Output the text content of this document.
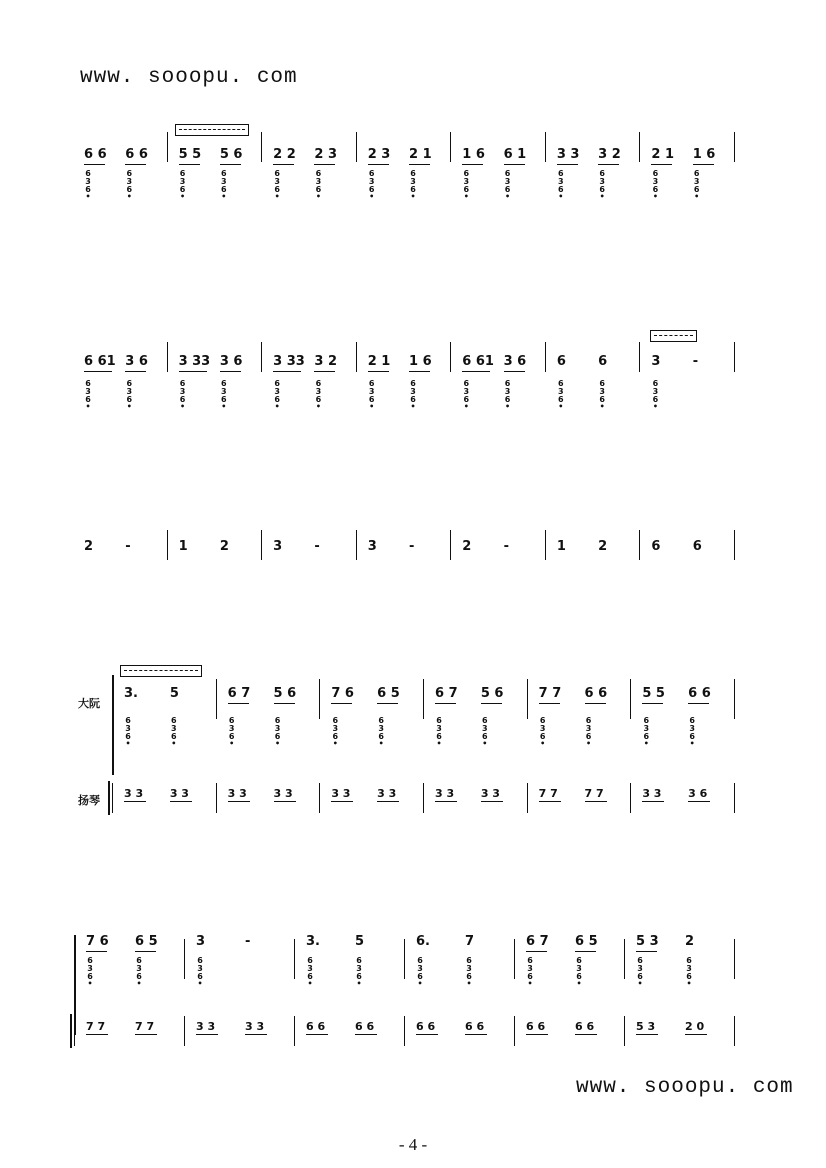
www. sooopu. com
6 6
6
3
6
•
6 6
6
3
6
•
5 5
6
3
6
•
5 6
6
3
6
•
2 2
6
3
6
•
2 3
6
3
6
•
2 3
6
3
6
•
2 1
6
3
6
•
1 6
6
3
6
•
6 1
6
3
6
•
3 3
6
3
6
•
3 2
6
3
6
•
2 1
6
3
6
•
1 6
6
3
6
•
6 61
6
3
6
•
3 6
6
3
6
•
3 33
6
3
6
•
3 6
6
3
6
•
3 33
6
3
6
•
3 2
6
3
6
•
2 1
6
3
6
•
1 6
6
3
6
•
6 61
6
3
6
•
3 6
6
3
6
•
6
6
3
6
•
6
6
3
6
•
3
6
3
6
•
-
2 -	1 2	3 -	3 -	2 -	1 2	6 6
大阮
扬琴
3.
6
3
6
•
5
6
3
6
•
6 7
6
3
6
•
5 6
6
3
6
•
7 6
6
3
6
•
6 5
6
3
6
•
6 7
6
3
6
•
5 6
6
3
6
•
7 7
6
3
6
•
6 6
6
3
6
•
5 5
6
3
6
•
6 6
6
3
6
•
3 3 3 3	3 3 3 3	3 3 3 3	3 3 3 3	7 7 7 7	3 3 3 6
7 6
6
3
6
•
6 5
6
3
6
•
3
6
3
6
•
-	3.
6
3
6
•
5
6
3
6
•
6.
6
3
6
•
7
6
3
6
•
6 7
6
3
6
•
6 5
6
3
6
•
5 3
6
3
6
•
2
6
3
6
•
7 7	7 7	3 3	3 3	6 6	6 6	6 6	6 6	6 6	6 6	5 3	2 0
www. sooopu. com
- 4 -
